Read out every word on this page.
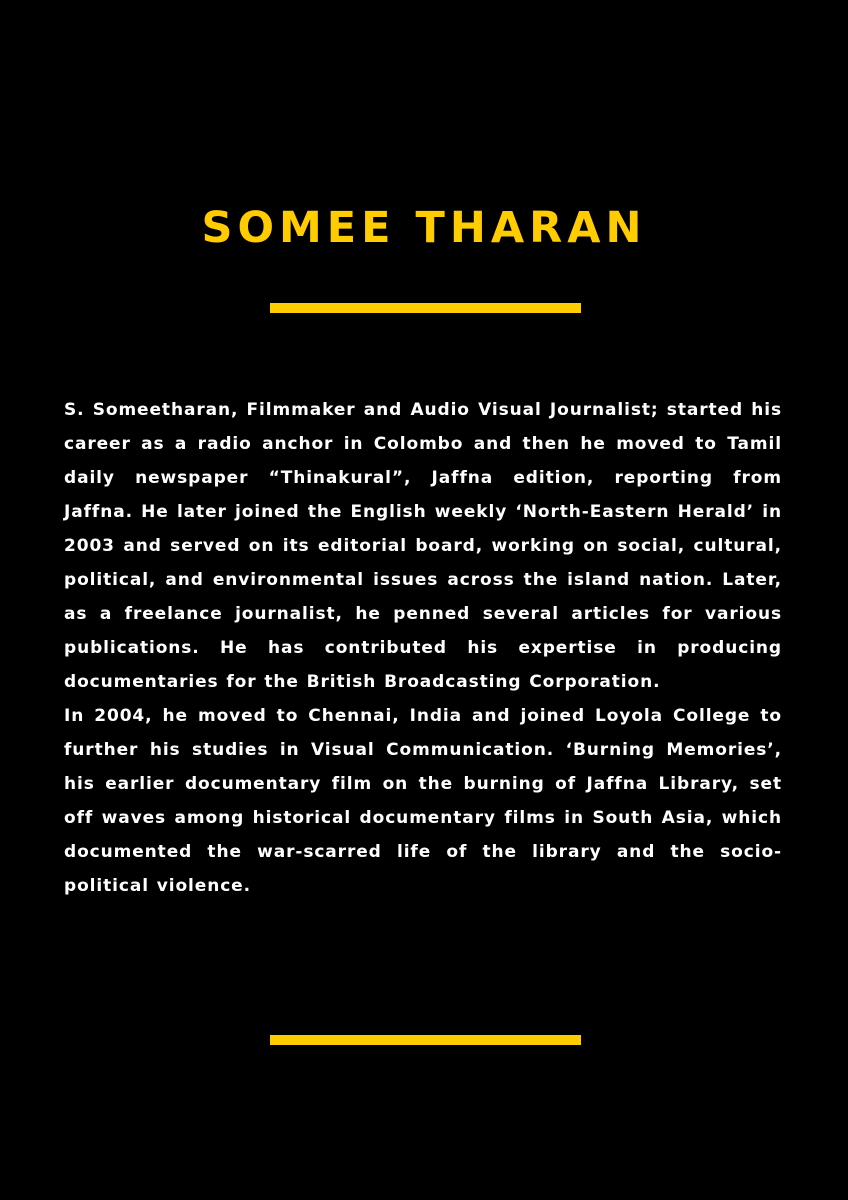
SOMEE THARAN

S. Someetharan, Filmmaker and Audio Visual Journalist; started his career as a radio anchor in Colombo and then he moved to Tamil daily newspaper “Thinakural”, Jaffna edition, reporting from Jaffna. He later joined the English weekly ‘North-Eastern Herald’ in 2003 and served on its editorial board, working on social, cultural, political, and environmental issues across the island nation. Later, as a freelance journalist, he penned several articles for various publications. He has contributed his expertise in producing documentaries for the British Broadcasting Corporation.

In 2004, he moved to Chennai, India and joined Loyola College to further his studies in Visual Communication. ‘Burning Memories’, his earlier documentary film on the burning of Jaffna Library, set off waves among historical documentary films in South Asia, which documented the war-scarred life of the library and the socio-political violence.
